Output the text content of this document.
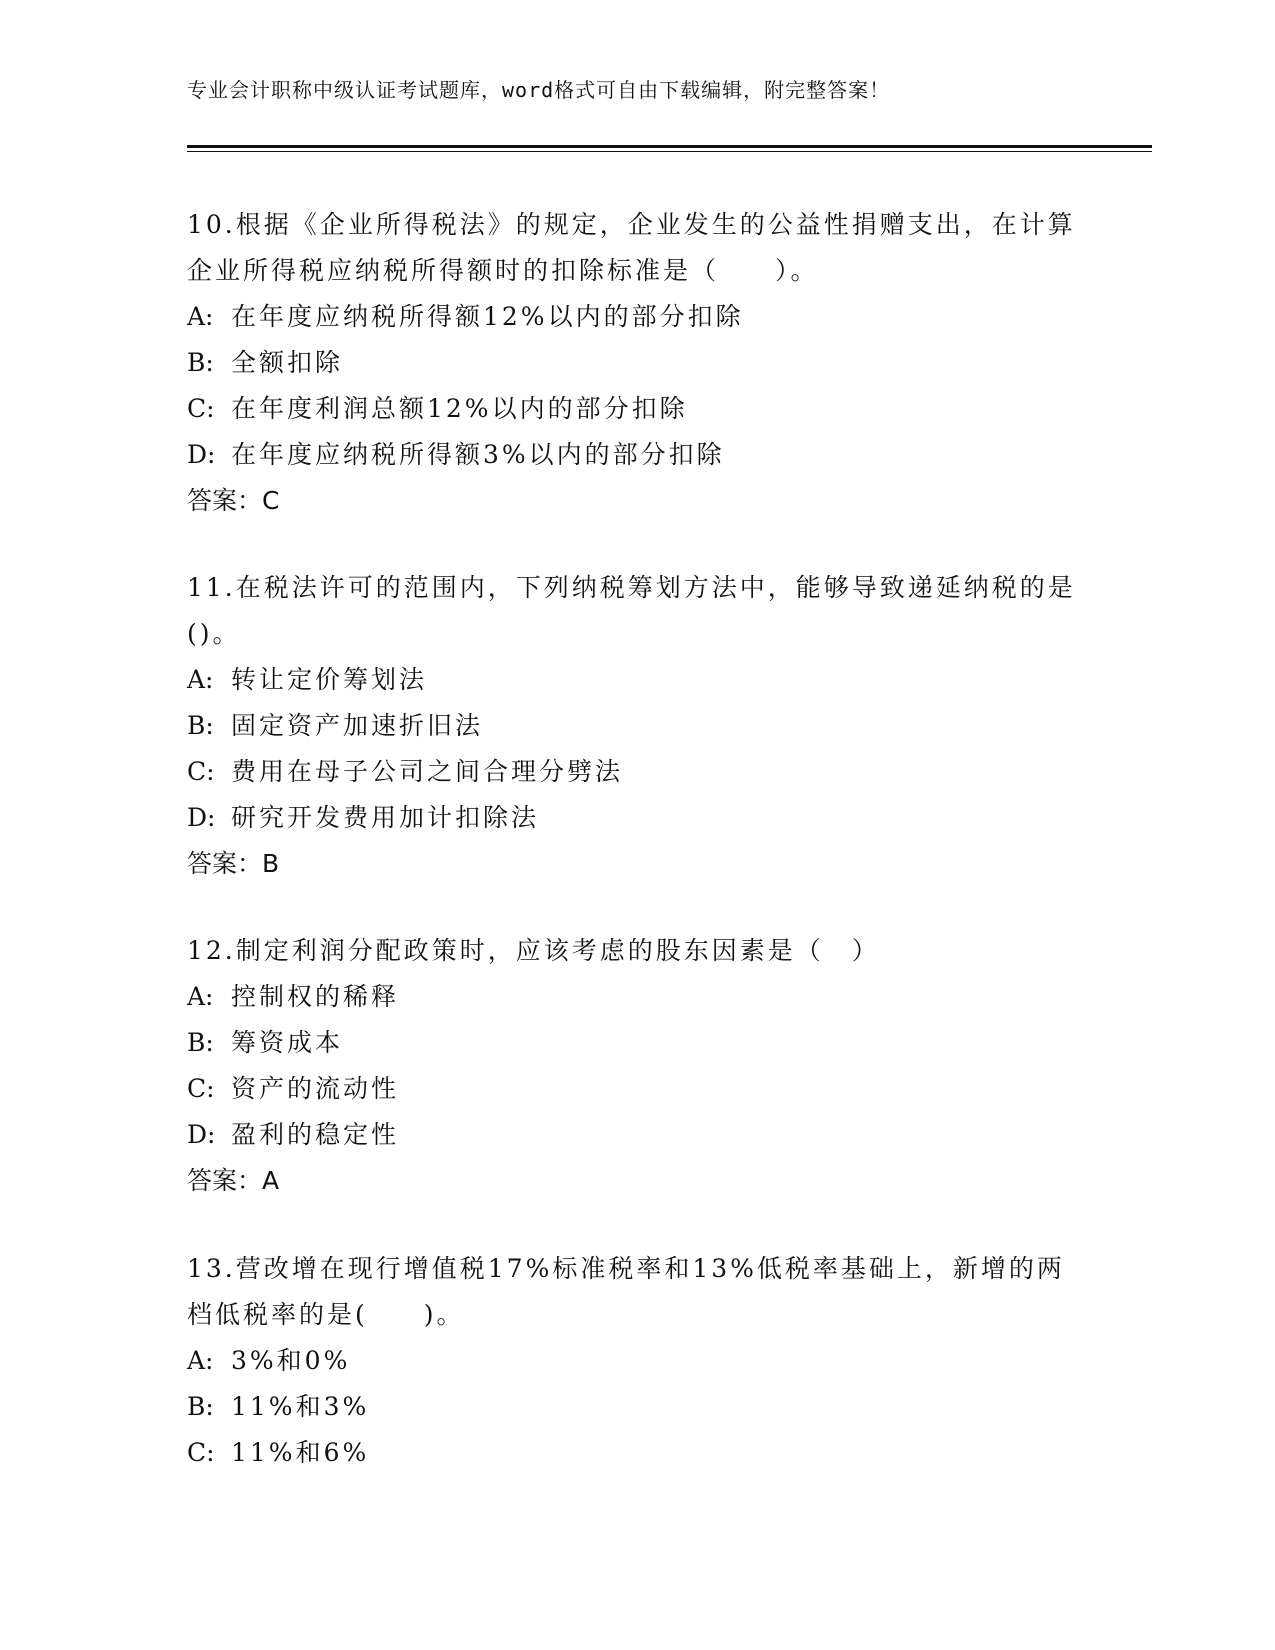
专业会计职称中级认证考试题库，word格式可自由下载编辑，附完整答案！

10.根据《企业所得税法》的规定，企业发生的公益性捐赠支出，在计算企业所得税应纳税所得额时的扣除标准是（　　）。

A: 在年度应纳税所得额12%以内的部分扣除
B: 全额扣除
C: 在年度利润总额12%以内的部分扣除
D: 在年度应纳税所得额3%以内的部分扣除
答案：C

11.在税法许可的范围内，下列纳税筹划方法中，能够导致递延纳税的是()。

A: 转让定价筹划法
B: 固定资产加速折旧法
C: 费用在母子公司之间合理分劈法
D: 研究开发费用加计扣除法
答案：B

12.制定利润分配政策时，应该考虑的股东因素是（　）

A: 控制权的稀释
B: 筹资成本
C: 资产的流动性
D: 盈利的稳定性
答案：A

13.营改增在现行增值税17%标准税率和13%低税率基础上，新增的两档低税率的是(　　)。

A: 3%和0%
B: 11%和3%
C: 11%和6%
